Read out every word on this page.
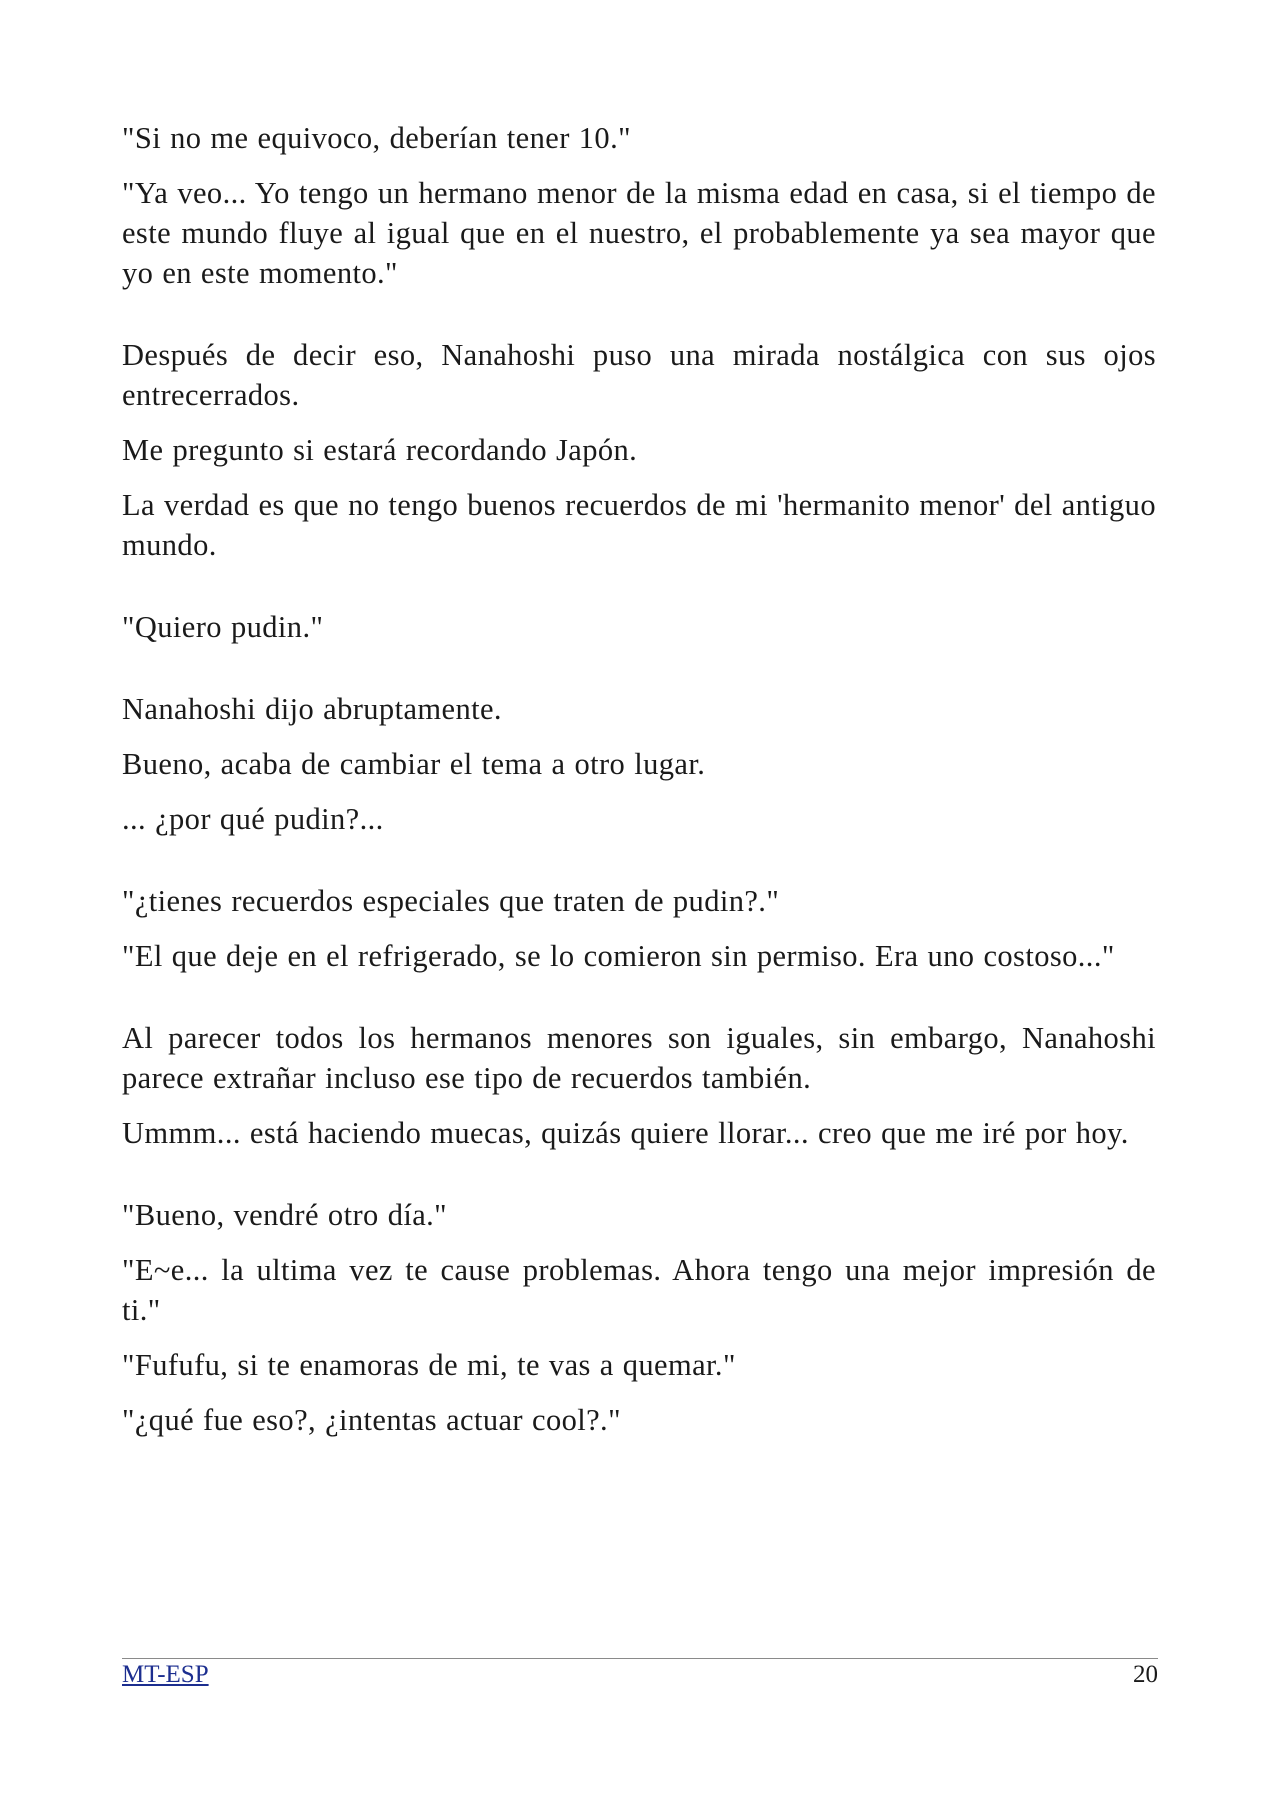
"Si no me equivoco, deberían tener 10."

"Ya veo... Yo tengo un hermano menor de la misma edad en casa, si el tiempo de este mundo fluye al igual que en el nuestro, el probablemente ya sea mayor que yo en este momento."

Después de decir eso, Nanahoshi puso una mirada nostálgica con sus ojos entrecerrados.

Me pregunto si estará recordando Japón.

La verdad es que no tengo buenos recuerdos de mi 'hermanito menor' del antiguo mundo.

"Quiero pudin."

Nanahoshi dijo abruptamente.

Bueno, acaba de cambiar el tema a otro lugar.

... ¿por qué pudin?...

"¿tienes recuerdos especiales que traten de pudin?."

"El que deje en el refrigerado, se lo comieron sin permiso. Era uno costoso..."

Al parecer todos los hermanos menores son iguales, sin embargo, Nanahoshi parece extrañar incluso ese tipo de recuerdos también.

Ummm... está haciendo muecas, quizás quiere llorar... creo que me iré por hoy.

"Bueno, vendré otro día."

"E~e... la ultima vez te cause problemas. Ahora tengo una mejor impresión de ti."

"Fufufu, si te enamoras de mi, te vas a quemar."

"¿qué fue eso?, ¿intentas actuar cool?."

MT-ESP	20
